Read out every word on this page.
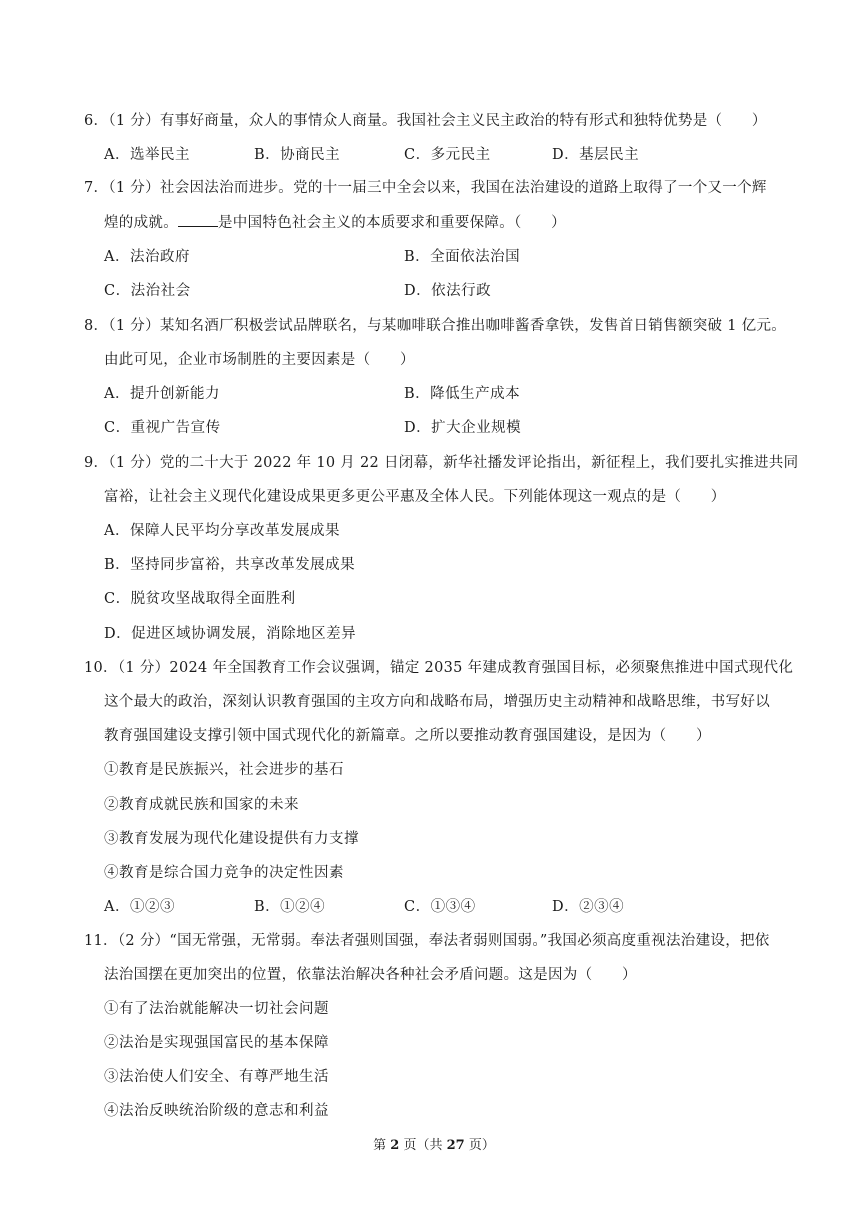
6．（1 分）有事好商量，众人的事情众人商量。我国社会主义民主政治的特有形式和独特优势是（　　）
A．选举民主	B．协商民主	C．多元民主	D．基层民主
7．（1 分）社会因法治而进步。党的十一届三中全会以来，我国在法治建设的道路上取得了一个又一个辉
煌的成就。	是中国特色社会主义的本质要求和重要保障。（　　）
A．法治政府	B．全面依法治国
C．法治社会	D．依法行政
8．（1 分）某知名酒厂积极尝试品牌联名，与某咖啡联合推出咖啡酱香拿铁，发售首日销售额突破 1 亿元。
由此可见，企业市场制胜的主要因素是（　　）
A．提升创新能力	B．降低生产成本
C．重视广告宣传	D．扩大企业规模
9．（1 分）党的二十大于 2022 年 10 月 22 日闭幕，新华社播发评论指出，新征程上，我们要扎实推进共同
富裕，让社会主义现代化建设成果更多更公平惠及全体人民。下列能体现这一观点的是（　　）
A．保障人民平均分享改革发展成果
B．坚持同步富裕，共享改革发展成果
C．脱贫攻坚战取得全面胜利
D．促进区域协调发展，消除地区差异
10．（1 分）2024 年全国教育工作会议强调，锚定 2035 年建成教育强国目标，必须聚焦推进中国式现代化
这个最大的政治，深刻认识教育强国的主攻方向和战略布局，增强历史主动精神和战略思维，书写好以
教育强国建设支撑引领中国式现代化的新篇章。之所以要推动教育强国建设，是因为（　　）
①教育是民族振兴，社会进步的基石
②教育成就民族和国家的未来
③教育发展为现代化建设提供有力支撑
④教育是综合国力竞争的决定性因素
A．①②③	B．①②④	C．①③④	D．②③④
11．（2 分）“国无常强，无常弱。奉法者强则国强，奉法者弱则国弱。”我国必须高度重视法治建设，把依
法治国摆在更加突出的位置，依靠法治解决各种社会矛盾问题。这是因为（　　）
①有了法治就能解决一切社会问题
②法治是实现强国富民的基本保障
③法治使人们安全、有尊严地生活
④法治反映统治阶级的意志和利益
第 2 页（共 27 页）
